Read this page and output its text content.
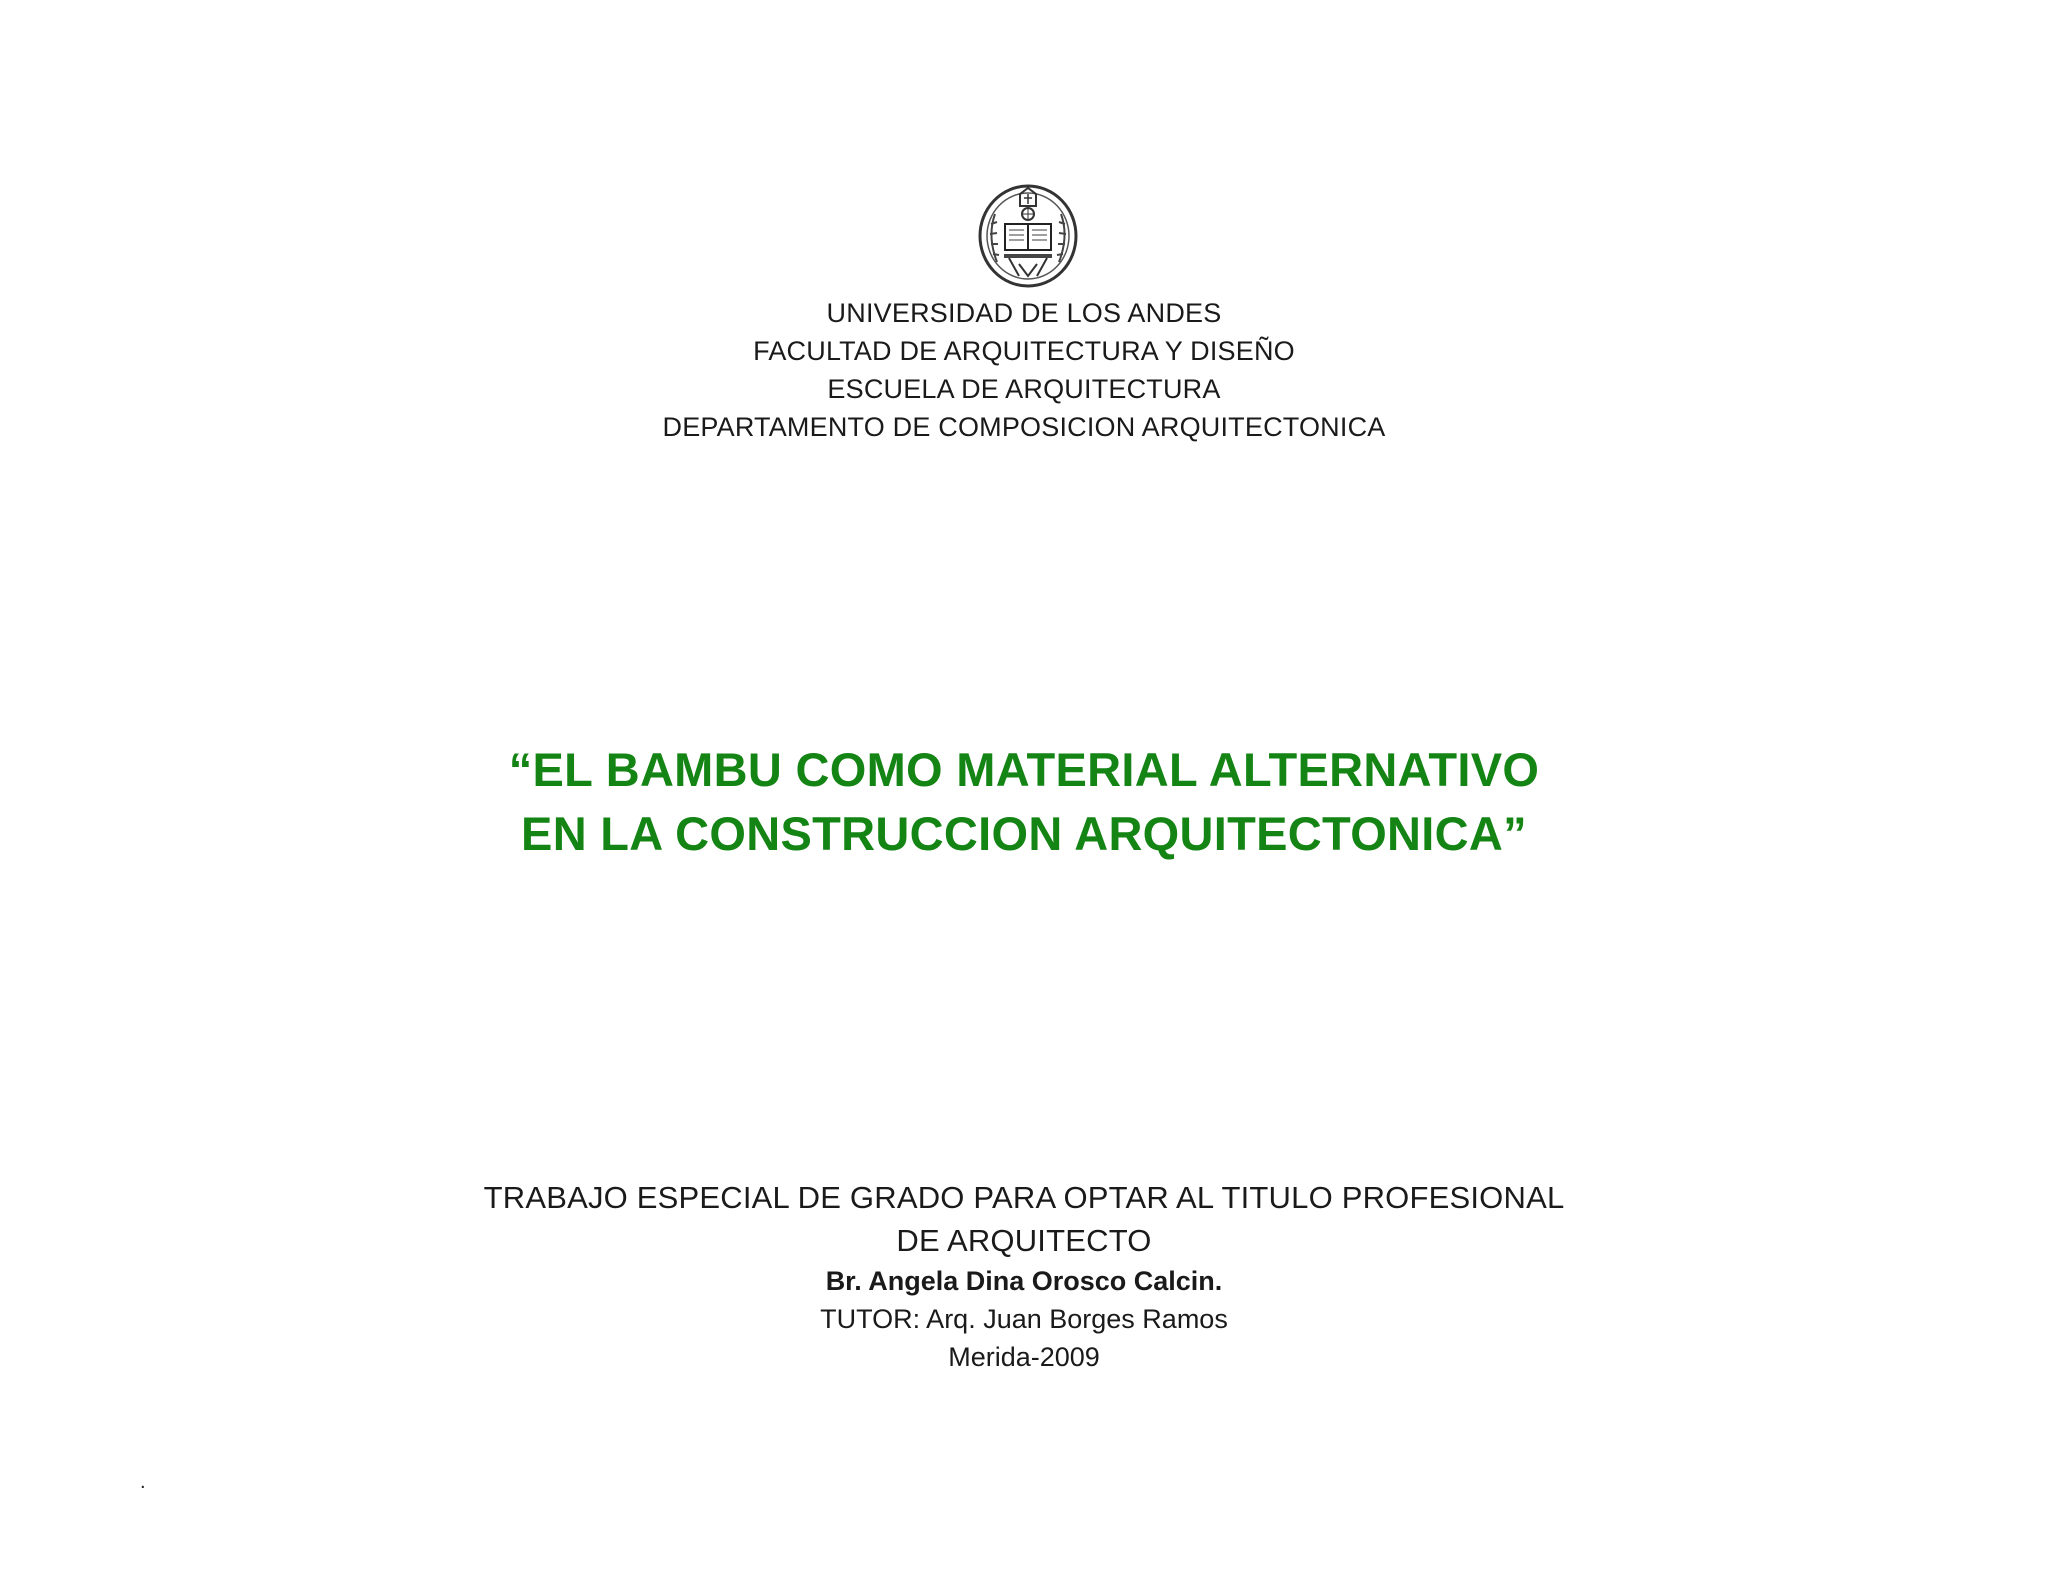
UNIVERSIDAD DE LOS ANDES
FACULTAD DE ARQUITECTURA Y DISEÑO
ESCUELA DE ARQUITECTURA
DEPARTAMENTO DE COMPOSICION ARQUITECTONICA
“EL BAMBU COMO MATERIAL ALTERNATIVO
EN LA CONSTRUCCION ARQUITECTONICA”
TRABAJO ESPECIAL DE GRADO PARA OPTAR AL TITULO PROFESIONAL
DE ARQUITECTO
Br. Angela Dina Orosco Calcin.
TUTOR: Arq. Juan Borges Ramos
Merida-2009
.
